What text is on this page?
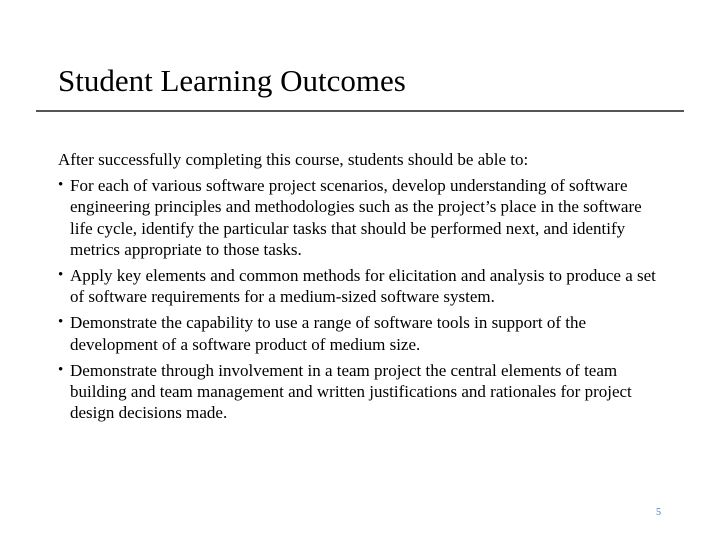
Student Learning Outcomes

After successfully completing this course, students should be able to:

• For each of various software project scenarios, develop understanding of software engineering principles and methodologies such as the project’s place in the software life cycle, identify the particular tasks that should be performed next, and identify metrics appropriate to those tasks.
• Apply key elements and common methods for elicitation and analysis to produce a set of software requirements for a medium-sized software system.
• Demonstrate the capability to use a range of software tools in support of the development of a software product of medium size.
• Demonstrate through involvement in a team project the central elements of team building and team management and written justifications and rationales for project design decisions made.
5
